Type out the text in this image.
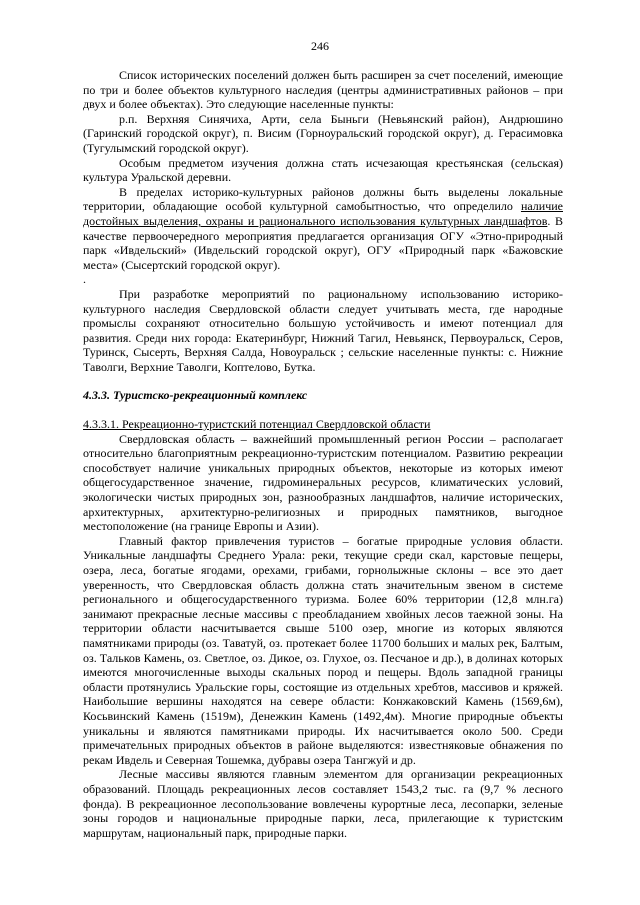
246

Список исторических поселений должен быть расширен за счет поселений, имеющие по три и более объектов культурного наследия (центры административных районов – при двух и более объектах). Это следующие населенные пункты:

р.п. Верхняя Синячиха, Арти, села Быньги (Невьянский район), Андрюшино (Гаринский городской округ), п. Висим (Горноуральский городской округ), д. Герасимовка (Тугулымский городской округ).

Особым предметом изучения должна стать исчезающая крестьянская (сельская) культура Уральской деревни.

В пределах историко-культурных районов должны быть выделены локальные территории, обладающие особой культурной самобытностью, что определило наличие достойных выделения, охраны и рационального использования культурных ландшафтов. В качестве первоочередного мероприятия предлагается организация ОГУ «Этно-природный парк «Ивдельский» (Ивдельский городской округ), ОГУ «Природный парк «Бажовские места» (Сысертский городской округ).

.

При разработке мероприятий по рациональному использованию историко-культурного наследия Свердловской области следует учитывать места, где народные промыслы сохраняют относительно большую устойчивость и имеют потенциал для развития. Среди них города: Екатеринбург, Нижний Тагил, Невьянск, Первоуральск, Серов, Туринск, Сысерть, Верхняя Салда, Новоуральск ; сельские населенные пункты: с. Нижние Таволги, Верхние Таволги, Коптелово, Бутка.

4.3.3. Туристско-рекреационный комплекс

4.3.3.1. Рекреационно-туристский потенциал Свердловской области

Свердловская область – важнейший промышленный регион России – располагает относительно благоприятным рекреационно-туристским потенциалом. Развитию рекреации способствует наличие уникальных природных объектов, некоторые из которых имеют общегосударственное значение, гидроминеральных ресурсов, климатических условий, экологически чистых природных зон, разнообразных ландшафтов, наличие исторических, архитектурных, архитектурно-религиозных и природных памятников, выгодное местоположение (на границе Европы и Азии).

Главный фактор привлечения туристов – богатые природные условия области. Уникальные ландшафты Среднего Урала: реки, текущие среди скал, карстовые пещеры, озера, леса, богатые ягодами, орехами, грибами, горнолыжные склоны – все это дает уверенность, что Свердловская область должна стать значительным звеном в системе регионального и общегосударственного туризма. Более 60% территории (12,8 млн.га) занимают прекрасные лесные массивы с преобладанием хвойных лесов таежной зоны. На территории области насчитывается свыше 5100 озер, многие из которых являются памятниками природы (оз. Таватуй, оз. протекает более 11700 больших и малых рек, Балтым, оз. Тальков Камень, оз. Светлое, оз. Дикое, оз. Глухое, оз. Песчаное и др.), в долинах которых имеются многочисленные выходы скальных пород и пещеры. Вдоль западной границы области протянулись Уральские горы, состоящие из отдельных хребтов, массивов и кряжей. Наибольшие вершины находятся на севере области: Конжаковский Камень (1569,6м), Косьвинский Камень (1519м), Денежкин Камень (1492,4м). Многие природные объекты уникальны и являются памятниками природы. Их насчитывается около 500. Среди примечательных природных объектов в районе выделяются: известняковые обнажения по рекам Ивдель и Северная Тошемка, дубравы озера Тангжуй и др.

Лесные массивы являются главным элементом для организации рекреационных образований. Площадь рекреационных лесов составляет 1543,2 тыс. га (9,7 % лесного фонда). В рекреационное лесопользование вовлечены курортные леса, лесопарки, зеленые зоны городов и национальные природные парки, леса, прилегающие к туристским маршрутам, национальный парк, природные парки.
